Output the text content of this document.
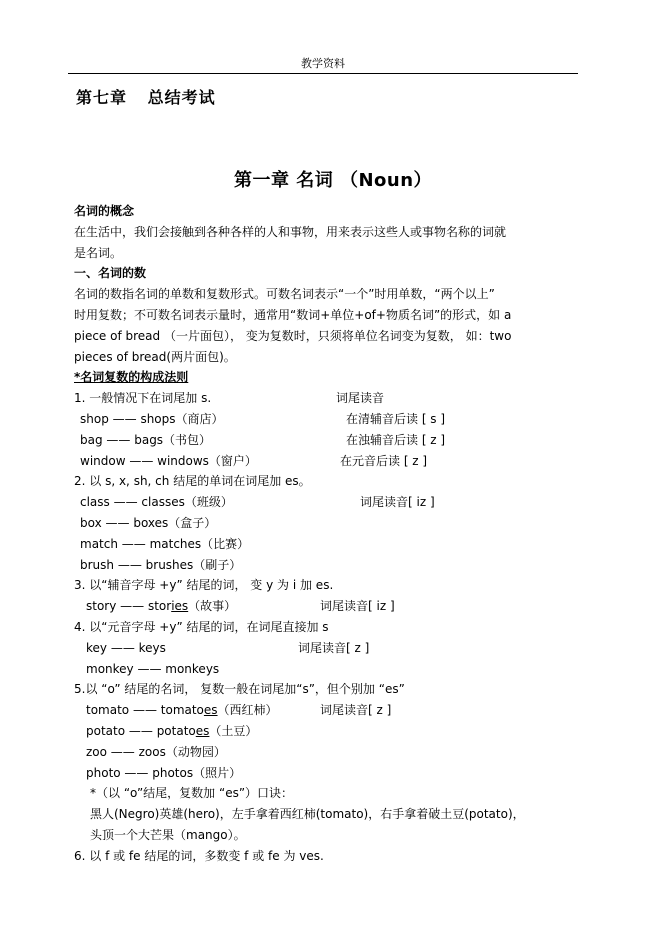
教学资料
第七章 总结考试
第一章 名词 （Noun）
名词的概念
在生活中，我们会接触到各种各样的人和事物，用来表示这些人或事物名称的词就
是名词。
一、名词的数
名词的数指名词的单数和复数形式。可数名词表示“一个”时用单数，“两个以上”
时用复数；不可数名词表示量时，通常用“数词+单位+of+物质名词”的形式，如 a
piece of bread （一片面包）， 变为复数时，只须将单位名词变为复数， 如：two
pieces of bread(两片面包)。
*名词复数的构成法则
1. 一般情况下在词尾加 s.	词尾读音
shop —— shops（商店）	在清辅音后读 [ s ]
bag —— bags（书包）	在浊辅音后读 [ z ]
window —— windows（窗户）	在元音后读 [ z ]
2. 以 s, x, sh, ch 结尾的单词在词尾加 es。
class —— classes（班级）	词尾读音[ iz ]
box —— boxes（盒子）
match —— matches（比赛）
brush —— brushes（刷子）
3. 以“辅音字母 +y” 结尾的词， 变 y 为 i 加 es.
story —— stories（故事）	词尾读音[ iz ]
4. 以“元音字母 +y” 结尾的词，在词尾直接加 s
key —— keys	词尾读音[ z ]
monkey —— monkeys
5.以 “o” 结尾的名词， 复数一般在词尾加“s”，但个别加 “es”
tomato —— tomatoes（西红柿）	词尾读音[ z ]
potato —— potatoes（土豆）
zoo —— zoos（动物园）
photo —— photos（照片）
*（以 “o”结尾，复数加 “es”）口诀：
黑人(Negro)英雄(hero)，左手拿着西红柿(tomato)，右手拿着破土豆(potato)，
头顶一个大芒果（mango）。
6. 以 f 或 fe 结尾的词，多数变 f 或 fe 为 ves.
